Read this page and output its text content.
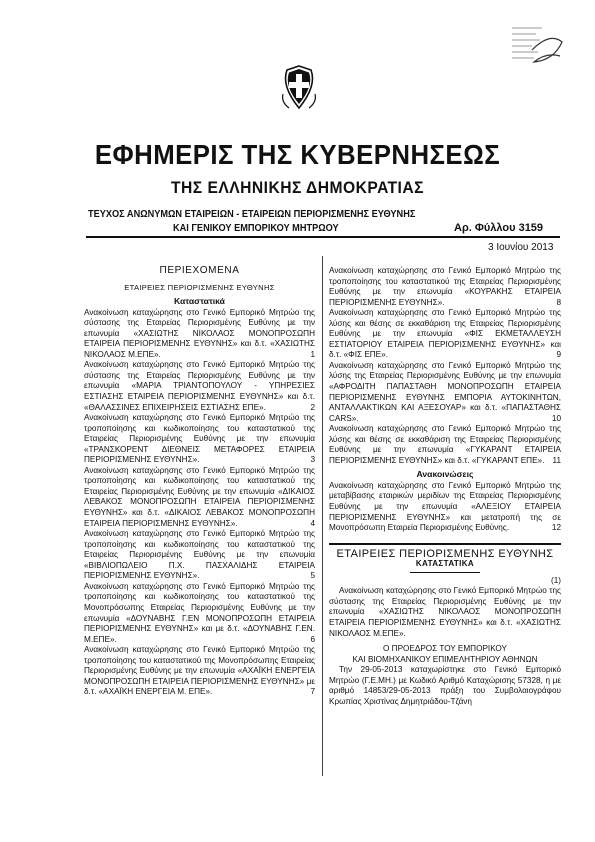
ΕΦΗΜΕΡΙΣ ΤΗΣ ΚΥΒΕΡΝΗΣΕΩΣ
ΤΗΣ ΕΛΛΗΝΙΚΗΣ ΔΗΜΟΚΡΑΤΙΑΣ
ΤΕΥΧΟΣ ΑΝΩΝΥΜΩΝ ΕΤΑΙΡΕΙΩΝ - ΕΤΑΙΡΕΙΩΝ ΠΕΡΙΟΡΙΣΜΕΝΗΣ ΕΥΘΥΝΗΣ
ΚΑΙ ΓΕΝΙΚΟΥ ΕΜΠΟΡΙΚΟΥ ΜΗΤΡΩΟΥ	Αρ. Φύλλου 3159
3 Ιουνίου 2013
ΠΕΡΙΕΧΟΜΕΝΑ
ΕΤΑΙΡΕΙΕΣ ΠΕΡΙΟΡΙΣΜΕΝΗΣ ΕΥΘΥΝΗΣ
Καταστατικά
Ανακοίνωση καταχώρησης στο Γενικό Εμπορικό Μητρώο της σύστασης της Εταιρείας Περιορισμένης Ευθύνης με την επωνυμία «ΧΑΣΙΩΤΗΣ ΝΙΚΟΛΑΟΣ ΜΟΝΟΠΡΟΣΩΠΗ ΕΤΑΙΡΕΙΑ ΠΕΡΙΟΡΙΣΜΕΝΗΣ ΕΥΘΥΝΗΣ» και δ.τ. «ΧΑΣΙΩΤΗΣ ΝΙΚΟΛΑΟΣ Μ.ΕΠΕ».	1
Ανακοίνωση καταχώρησης στο Γενικό Εμπορικό Μητρώο της σύστασης της Εταιρείας Περιορισμένης Ευθύνης με την επωνυμία «ΜΑΡΙΑ ΤΡΙΑΝΤΟΠΟΥΛΟΥ - ΥΠΗΡΕΣΙΕΣ ΕΣΤΙΑΣΗΣ ΕΤΑΙΡΕΙΑ ΠΕΡΙΟΡΙΣΜΕΝΗΣ ΕΥΘΥΝΗΣ» και δ.τ. «ΘΑΛΑΣΣΙΝΕΣ ΕΠΙΧΕΙΡΗΣΕΙΣ ΕΣΤΙΑΣΗΣ ΕΠΕ».	2
Ανακοίνωση καταχώρησης στο Γενικό Εμπορικό Μητρώο της τροποποίησης και κωδικοποίησης του καταστατικού της Εταιρείας Περιορισμένης Ευθύνης με την επωνυμία «ΤΡΑΝΣΚΟΡΕΝΤ ΔΙΕΘΝΕΙΣ ΜΕΤΑΦΟΡΕΣ ΕΤΑΙΡΕΙΑ ΠΕΡΙΟΡΙΣΜΕΝΗΣ ΕΥΘΥΝΗΣ».	3
Ανακοίνωση καταχώρησης στο Γενικό Εμπορικό Μητρώο της τροποποίησης και κωδικοποίησης του καταστατικού της Εταιρείας Περιορισμένης Ευθύνης με την επωνυμία «ΔΙΚΑΙΟΣ ΛΕΒΑΚΟΣ ΜΟΝΟΠΡΟΣΩΠΗ ΕΤΑΙΡΕΙΑ ΠΕΡΙΟΡΙΣΜΕΝΗΣ ΕΥΘΥΝΗΣ» και δ.τ. «ΔΙΚΑΙΟΣ ΛΕΒΑΚΟΣ ΜΟΝΟΠΡΟΣΩΠΗ ΕΤΑΙΡΕΙΑ ΠΕΡΙΟΡΙΣΜΕΝΗΣ ΕΥΘΥΝΗΣ».	4
Ανακοίνωση καταχώρησης στο Γενικό Εμπορικό Μητρώο της τροποποίησης και κωδικοποίησης του καταστατικού της Εταιρείας Περιορισμένης Ευθύνης με την επωνυμία «ΒΙΒΛΙΟΠΩΛΕΙΟ Π.Χ. ΠΑΣΧΑΛΙΔΗΣ ΕΤΑΙΡΕΙΑ ΠΕΡΙΟΡΙΣΜΕΝΗΣ ΕΥΘΥΝΗΣ».	5
Ανακοίνωση καταχώρησης στο Γενικό Εμπορικό Μητρώο της τροποποίησης και κωδικοποίησης του καταστατικού της Μονοπρόσωπης Εταιρείας Περιορισμένης Ευθύνης με την επωνυμία «ΔΟΥΝΑΒΗΣ Γ.ΕΝ ΜΟΝΟΠΡΟΣΩΠΗ ΕΤΑΙΡΕΙΑ ΠΕΡΙΟΡΙΣΜΕΝΗΣ ΕΥΘΥΝΗΣ» και με δ.τ. «ΔΟΥΝΑΒΗΣ Γ.ΕΝ. Μ.ΕΠΕ».	6
Ανακοίνωση καταχώρησης στο Γενικό Εμπορικό Μητρώο της τροποποίησης του καταστατικού της Μονοπρόσωπης Εταιρείας Περιορισμένης Ευθύνης με την επωνυμία «ΑΧΑΪΚΗ ΕΝΕΡΓΕΙΑ ΜΟΝΟΠΡΟΣΩΠΗ ΕΤΑΙΡΕΙΑ ΠΕΡΙΟΡΙΣΜΕΝΗΣ ΕΥΘΥΝΗΣ» με δ.τ. «ΑΧΑΪΚΗ ΕΝΕΡΓΕΙΑ Μ. ΕΠΕ».	7
Ανακοίνωση καταχώρησης στο Γενικό Εμπορικό Μητρώο της τροποποίησης του καταστατικού της Εταιρείας Περιορισμένης Ευθύνης με την επωνυμία «ΚΟΥΡΑΚΗΣ ΕΤΑΙΡΕΙΑ ΠΕΡΙΟΡΙΣΜΕΝΗΣ ΕΥΘΥΝΗΣ».	8
Ανακοίνωση καταχώρησης στο Γενικό Εμπορικό Μητρώο της λύσης και θέσης σε εκκαθάριση της Εταιρείας Περιορισμένης Ευθύνης με την επωνυμία «ΦΙΣ ΕΚΜΕΤΑΛΛΕΥΣΗ ΕΣΤΙΑΤΟΡΙΟΥ ΕΤΑΙΡΕΙΑ ΠΕΡΙΟΡΙΣΜΕΝΗΣ ΕΥΘΥΝΗΣ» και δ.τ. «ΦΙΣ ΕΠΕ».	9
Ανακοίνωση καταχώρησης στο Γενικό Εμπορικό Μητρώο της λύσης της Εταιρείας Περιορισμένης Ευθύνης με την επωνυμία «ΑΦΡΟΔΙΤΗ ΠΑΠΑΣΤΑΘΗ ΜΟΝΟΠΡΟΣΩΠΗ ΕΤΑΙΡΕΙΑ ΠΕΡΙΟΡΙΣΜΕΝΗΣ ΕΥΘΥΝΗΣ ΕΜΠΟΡΙΑ ΑΥΤΟΚΙΝΗΤΩΝ, ΑΝΤΑΛΛΑΚΤΙΚΩΝ ΚΑΙ ΑΞΕΣΟΥΑΡ» και δ.τ. «ΠΑΠΑΣΤΑΘΗΣ CARS».	10
Ανακοίνωση καταχώρησης στο Γενικό Εμπορικό Μητρώο της λύσης και θέσης σε εκκαθάριση της Εταιρείας Περιορισμένης Ευθύνης με την επωνυμία «ΓΥΚΑΡΑΝΤ ΕΤΑΙΡΕΙΑ ΠΕΡΙΟΡΙΣΜΕΝΗΣ ΕΥΘΥΝΗΣ» και δ.τ. «ΓΥΚΑΡΑΝΤ ΕΠΕ». 11
Ανακοινώσεις
Ανακοίνωση καταχώρησης στο Γενικό Εμπορικό Μητρώο της μεταβίβασης εταιρικών μεριδίων της Εταιρείας Περιορισμένης Ευθύνης με την επωνυμία «ΑΛΕΞΙΟΥ ΕΤΑΙΡΕΙΑ ΠΕΡΙΟΡΙΣΜΕΝΗΣ ΕΥΘΥΝΗΣ» και μετατροπή της σε Μονοπρόσωπη Εταιρεία Περιορισμένης Ευθύνης.	12
ΕΤΑΙΡΕΙΕΣ ΠΕΡΙΟΡΙΣΜΕΝΗΣ ΕΥΘΥΝΗΣ
ΚΑΤΑΣΤΑΤΙΚΑ
(1)
Ανακοίνωση καταχώρησης στο Γενικό Εμπορικό Μητρώο της σύστασης της Εταιρείας Περιορισμένης Ευθύνης με την επωνυμία «ΧΑΣΙΩΤΗΣ ΝΙΚΟΛΑΟΣ ΜΟΝΟΠΡΟΣΩΠΗ ΕΤΑΙΡΕΙΑ ΠΕΡΙΟΡΙΣΜΕΝΗΣ ΕΥΘΥΝΗΣ» και δ.τ. «ΧΑΣΙΩΤΗΣ ΝΙΚΟΛΑΟΣ Μ.ΕΠΕ».
Ο ΠΡΟΕΔΡΟΣ ΤΟΥ ΕΜΠΟΡΙΚΟΥ
ΚΑΙ ΒΙΟΜΗΧΑΝΙΚΟΥ ΕΠΙΜΕΛΗΤΗΡΙΟΥ ΑΘΗΝΩΝ
Την 29-05-2013 καταχωρίστηκε στο Γενικό Εμπορικό Μητρώο (Γ.Ε.ΜΗ.) με Κωδικό Αριθμό Καταχώρισης 57328, η με αριθμό 14853/29-05-2013 πράξη του Συμβολαιογράφου Κρωπίας Χριστίνας Δημητριάδου-Τζάνη
